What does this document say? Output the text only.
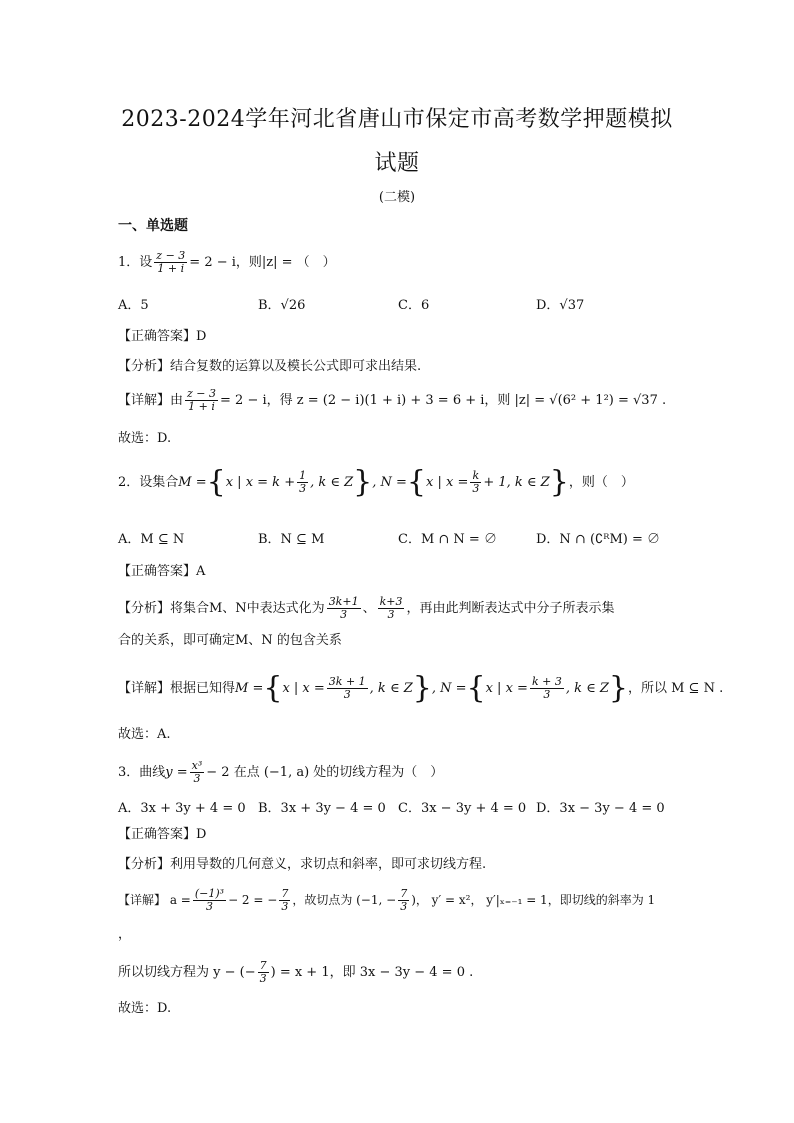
2023-2024学年河北省唐山市保定市高考数学押题模拟
试题
(二模)
一、单选题
1．设 $\frac{z - 3}{1 + i} = 2 - i$，则|z| = （　）
A．5	B．√26	C．6	D．√37
【正确答案】D
【分析】结合复数的运算以及模长公式即可求出结果.
【详解】由 $\frac{z - 3}{1 + i} = 2 - i$，得 z = (2 − i)(1 + i) + 3 = 6 + i，则 |z| = √(6² + 1²) = √37 .
故选：D.
2．设集合M ={x | $x = k + \frac{1}{3}$ , k ∈ Z}, N ={x | $x = \frac{k}{3} + 1$, k ∈ Z}，则（　）
A．M ⊆ N	B．N ⊆ M	C．M ∩ N = ∅	D．N ∩ (∁ᴿM) = ∅
【正确答案】A
【分析】将集合M、N中表达式化为 $\frac{3k+1}{3}$ 、 $\frac{k+3}{3}$ ，再由此判断表达式中分子所表示集
合的关系，即可确定M、N 的包含关系
【详解】根据已知得M ={x | $x = \frac{3k + 1}{3}$ , k ∈ Z}, N ={x | $x = \frac{k + 3}{3}$ , k ∈ Z}，所以 M ⊆ N .
故选：A.
3．曲线$y = \frac{\text{x³}}{3} - 2$ 在点 (−1, a) 处的切线方程为（　）
A．3x + 3y + 4 = 0 B．3x + 3y − 4 = 0 C．3x − 3y + 4 = 0 D．3x − 3y − 4 = 0
【正确答案】D
【分析】利用导数的几何意义，求切点和斜率，即可求切线方程.
【详解】 $a = \frac{\text{(−1)³}}{3} - 2$ = − $\frac{7}{3}$ ，故切点为 (−1, − $\frac{7}{3}$ )， y′ = x²， y′|ₓ₌₋₁ = 1，即切线的斜率为 1
，
所以切线方程为 y − (− $\frac{7}{3}$ ) = x + 1，即 3x − 3y − 4 = 0 .
故选：D.
